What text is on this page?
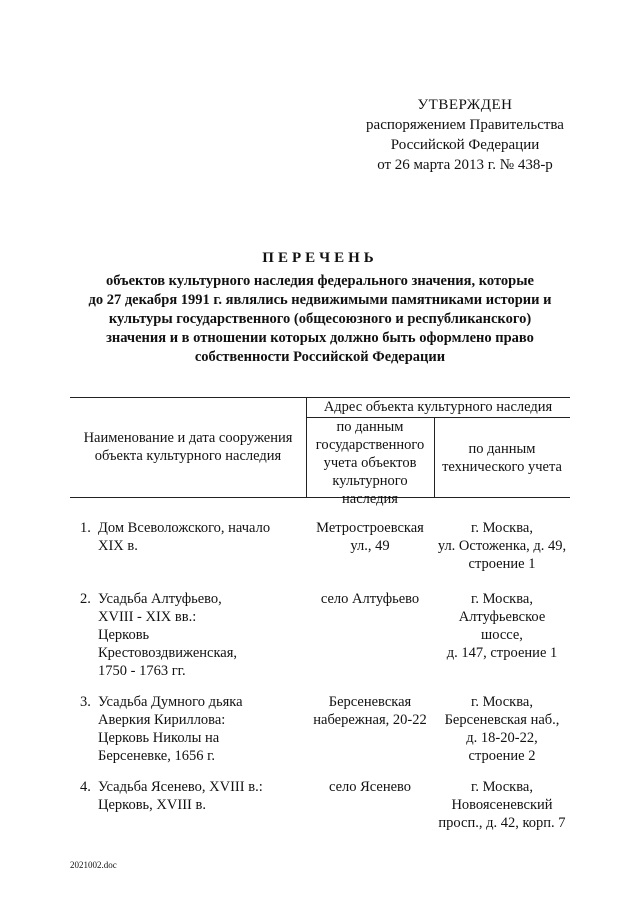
УТВЕРЖДЕН
распоряжением Правительства
Российской Федерации
от 26 марта 2013 г. № 438-р
ПЕРЕЧЕНЬ
объектов культурного наследия федерального значения, которые
до 27 декабря 1991 г. являлись недвижимыми памятниками истории и
культуры государственного (общесоюзного и республиканского)
значения и в отношении которых должно быть оформлено право
собственности Российской Федерации
Наименование и дата сооружения
объекта культурного наследия
Адрес объекта культурного наследия
по данным
государственного
учета объектов
культурного
наследия
по данным
технического учета
1. Дом Всеволожского, начало
XIX в.
Метростроевская
ул., 49
г. Москва,
ул. Остоженка, д. 49,
строение 1
2. Усадьба Алтуфьево,
XVIII - XIX вв.:
Церковь
Крестовоздвиженская,
1750 - 1763 гг.
село Алтуфьево	г. Москва,
Алтуфьевское
шоссе,
д. 147, строение 1
3. Усадьба Думного дьяка
Аверкия Кириллова:
Церковь Николы на
Берсеневке, 1656 г.
Берсеневская
набережная, 20-22
г. Москва,
Берсеневская наб.,
д. 18-20-22,
строение 2
4. Усадьба Ясенево, XVIII в.:
Церковь, XVIII в.
село Ясенево	г. Москва,
Новоясеневский
просп., д. 42, корп. 7
2021002.doc
